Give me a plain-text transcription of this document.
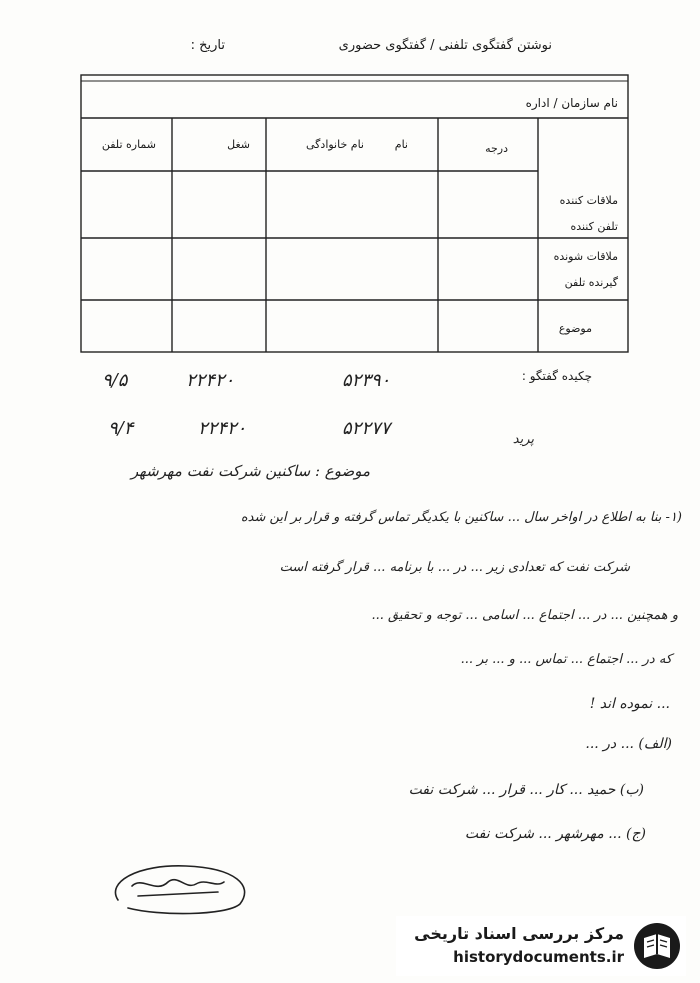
نوشتن گفتگوی تلفنی / گفتگوی حضوری
تاریخ :
نام سازمان / اداره
شماره تلفن	شغل	نام خانوادگی	نام	درجه
ملاقات کننده
تلفن کننده
ملاقات شونده
گیرنده تلفن
موضوع
چکیده گفتگو :
۹/۵	۲۲۴۲۰	۵۲۳۹۰
۹/۴	۲۲۴۲۰	۵۲۲۷۷
پرید
موضوع : ساکنین شرکت نفت مهرشهر
(۱- بنا به اطلاع در اواخر سال ... ساکنین با یکدیگر تماس گرفته و قرار بر این شده
شرکت نفت که تعدادی زیر ... در ... با برنامه ... قرار گرفته است
و همچنین ... در ... اجتماع ... اسامی ... توجه و تحقیق ...
که در ... اجتماع ... تماس ... و ... بر ...
... نموده اند !
(الف) ... در ...
(ب) حمید ... کار ... قرار ... شرکت نفت
(ج) ... مهرشهر ... شرکت نفت
مرکز بررسی اسناد تاریخی
historydocuments.ir
